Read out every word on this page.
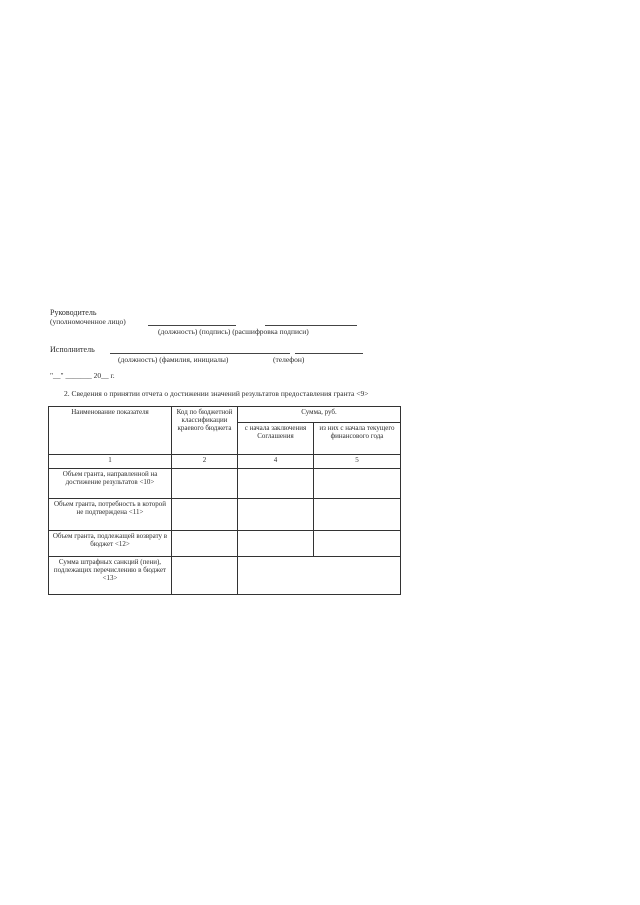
Руководитель
(уполномоченное лицо)
(должность) (подпись) (расшифровка подписи)
Исполнитель
(должность) (фамилия, инициалы)	(телефон)
"__" _______ 20__ г.
2. Сведения о принятии отчета о достижении значений результатов предоставления гранта <9>
Наименование показателя	Код по бюджетной классификации краевого бюджета	Сумма, руб.	
		с начала заключения Соглашения	из них с начала текущего финансового года
1	2	4	5
Объем гранта, направленной на достижение результатов <10>			
Объем гранта, потребность в которой не подтверждена <11>			
Объем гранта, подлежащей возврату в бюджет <12>			
Сумма штрафных санкций (пени), подлежащих перечислению в бюджет <13>			
